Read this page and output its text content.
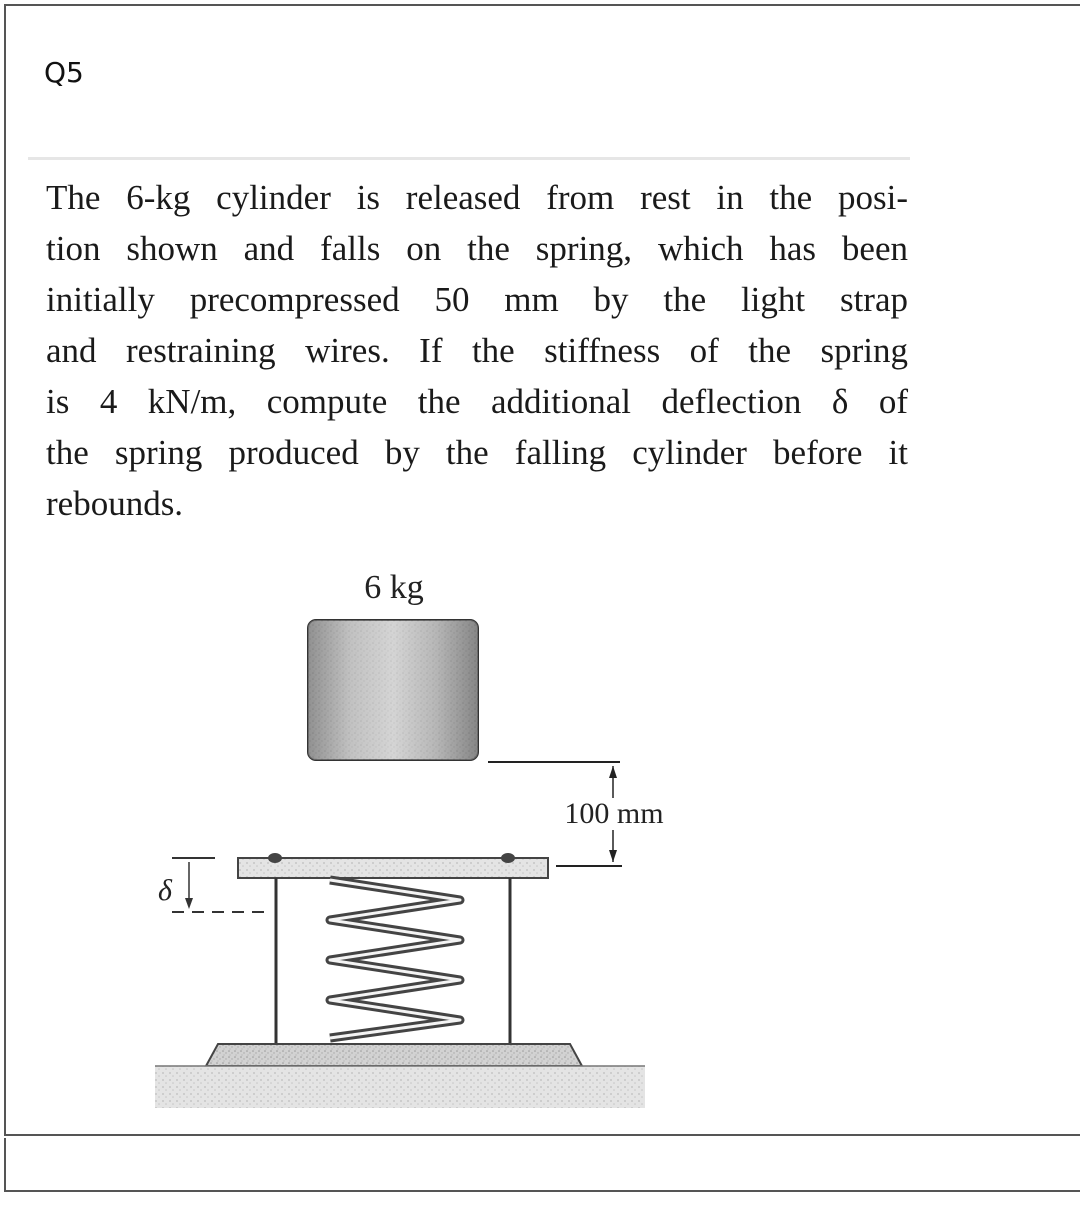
Q5
The 6-kg cylinder is released from rest in the posi-
tion shown and falls on the spring, which has been
initially precompressed 50 mm by the light strap
and restraining wires. If the stiffness of the spring
is 4 kN/m, compute the additional deflection δ of
the spring produced by the falling cylinder before it
rebounds.
6 kg
100 mm
δ
